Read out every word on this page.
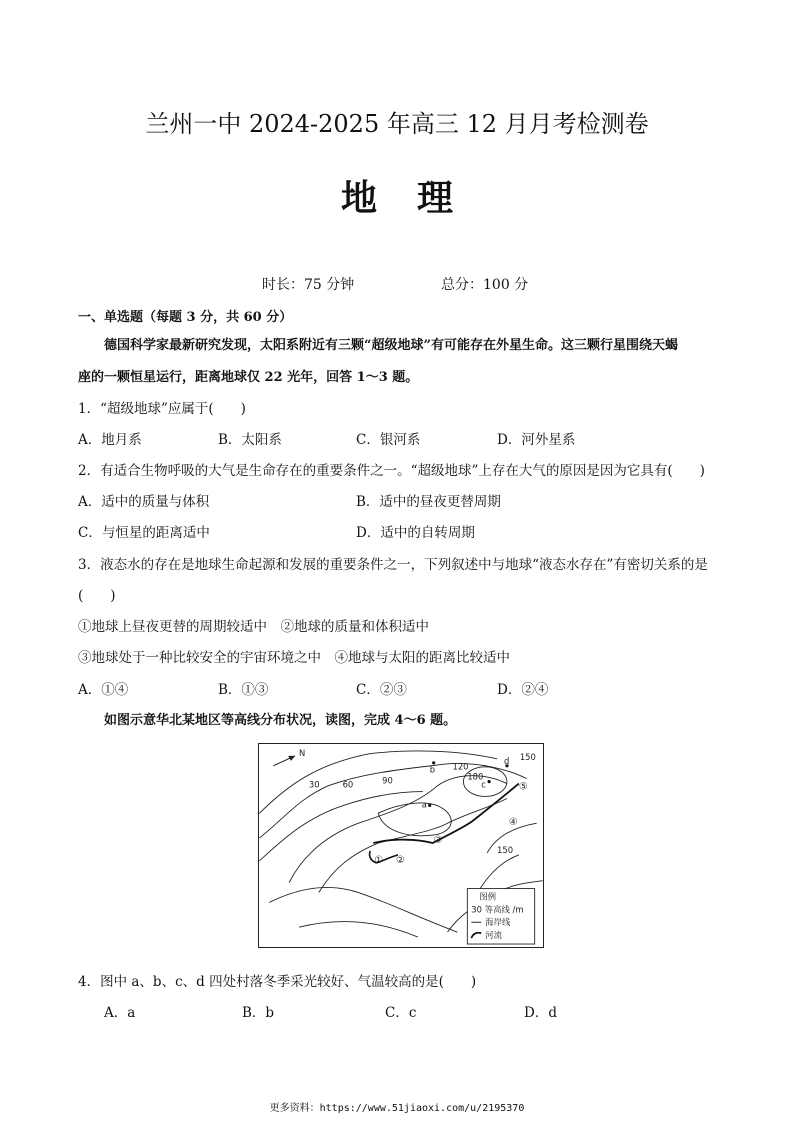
兰州一中 2024-2025 年高三 12 月月考检测卷
地理
时长：75 分钟	总分：100 分
一、单选题（每题 3 分，共 60 分）
德国科学家最新研究发现，太阳系附近有三颗“超级地球”有可能存在外星生命。这三颗行星围绕天蝎
座的一颗恒星运行，距离地球仅 22 光年，回答 1～3 题。
1．“超级地球”应属于(　　)
A．地月系	B．太阳系	C．银河系	D．河外星系
2．有适合生物呼吸的大气是生命存在的重要条件之一。“超级地球”上存在大气的原因是因为它具有(　　)
A．适中的质量与体积	B．适中的昼夜更替周期
C．与恒星的距离适中	D．适中的自转周期
3．液态水的存在是地球生命起源和发展的重要条件之一，下列叙述中与地球“液态水存在”有密切关系的是
(　　)
①地球上昼夜更替的周期较适中　②地球的质量和体积适中
③地球处于一种比较安全的宇宙环境之中　④地球与太阳的距离比较适中
A．①④	B．①③	C．②③	D．②④
如图示意华北某地区等高线分布状况，读图，完成 4～6 题。
N
30	60	90
120
180
150
150
a
b
c
d
① ②
③
④
⑤
图例
30 等高线 /m
海岸线
河流
4．图中 a、b、c、d 四处村落冬季采光较好、气温较高的是(　　)
A．a	B．b	C．c	D．d
更多资料：https://www.51jiaoxi.com/u/2195370
